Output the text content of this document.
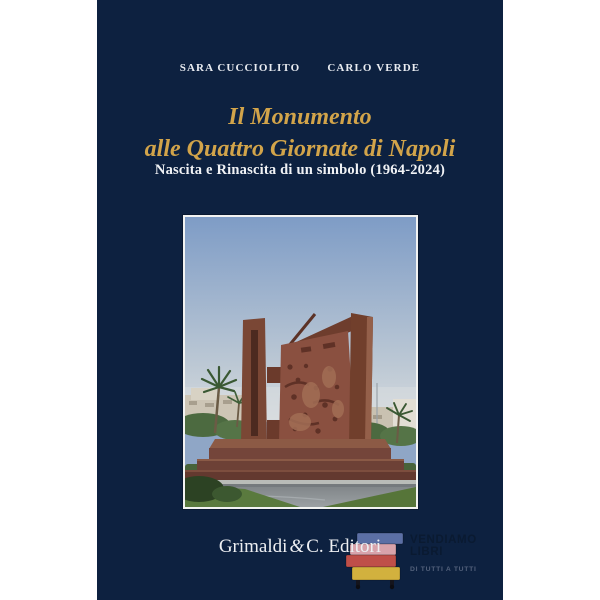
SARA CUCCIOLITO CARLO VERDE
Il Monumento
alle Quattro Giornate di Napoli
Nascita e Rinascita di un simbolo (1964-2024)
Grimaldi & C. Editori	VENDIAMO
LIBRI
DI TUTTI A TUTTI
